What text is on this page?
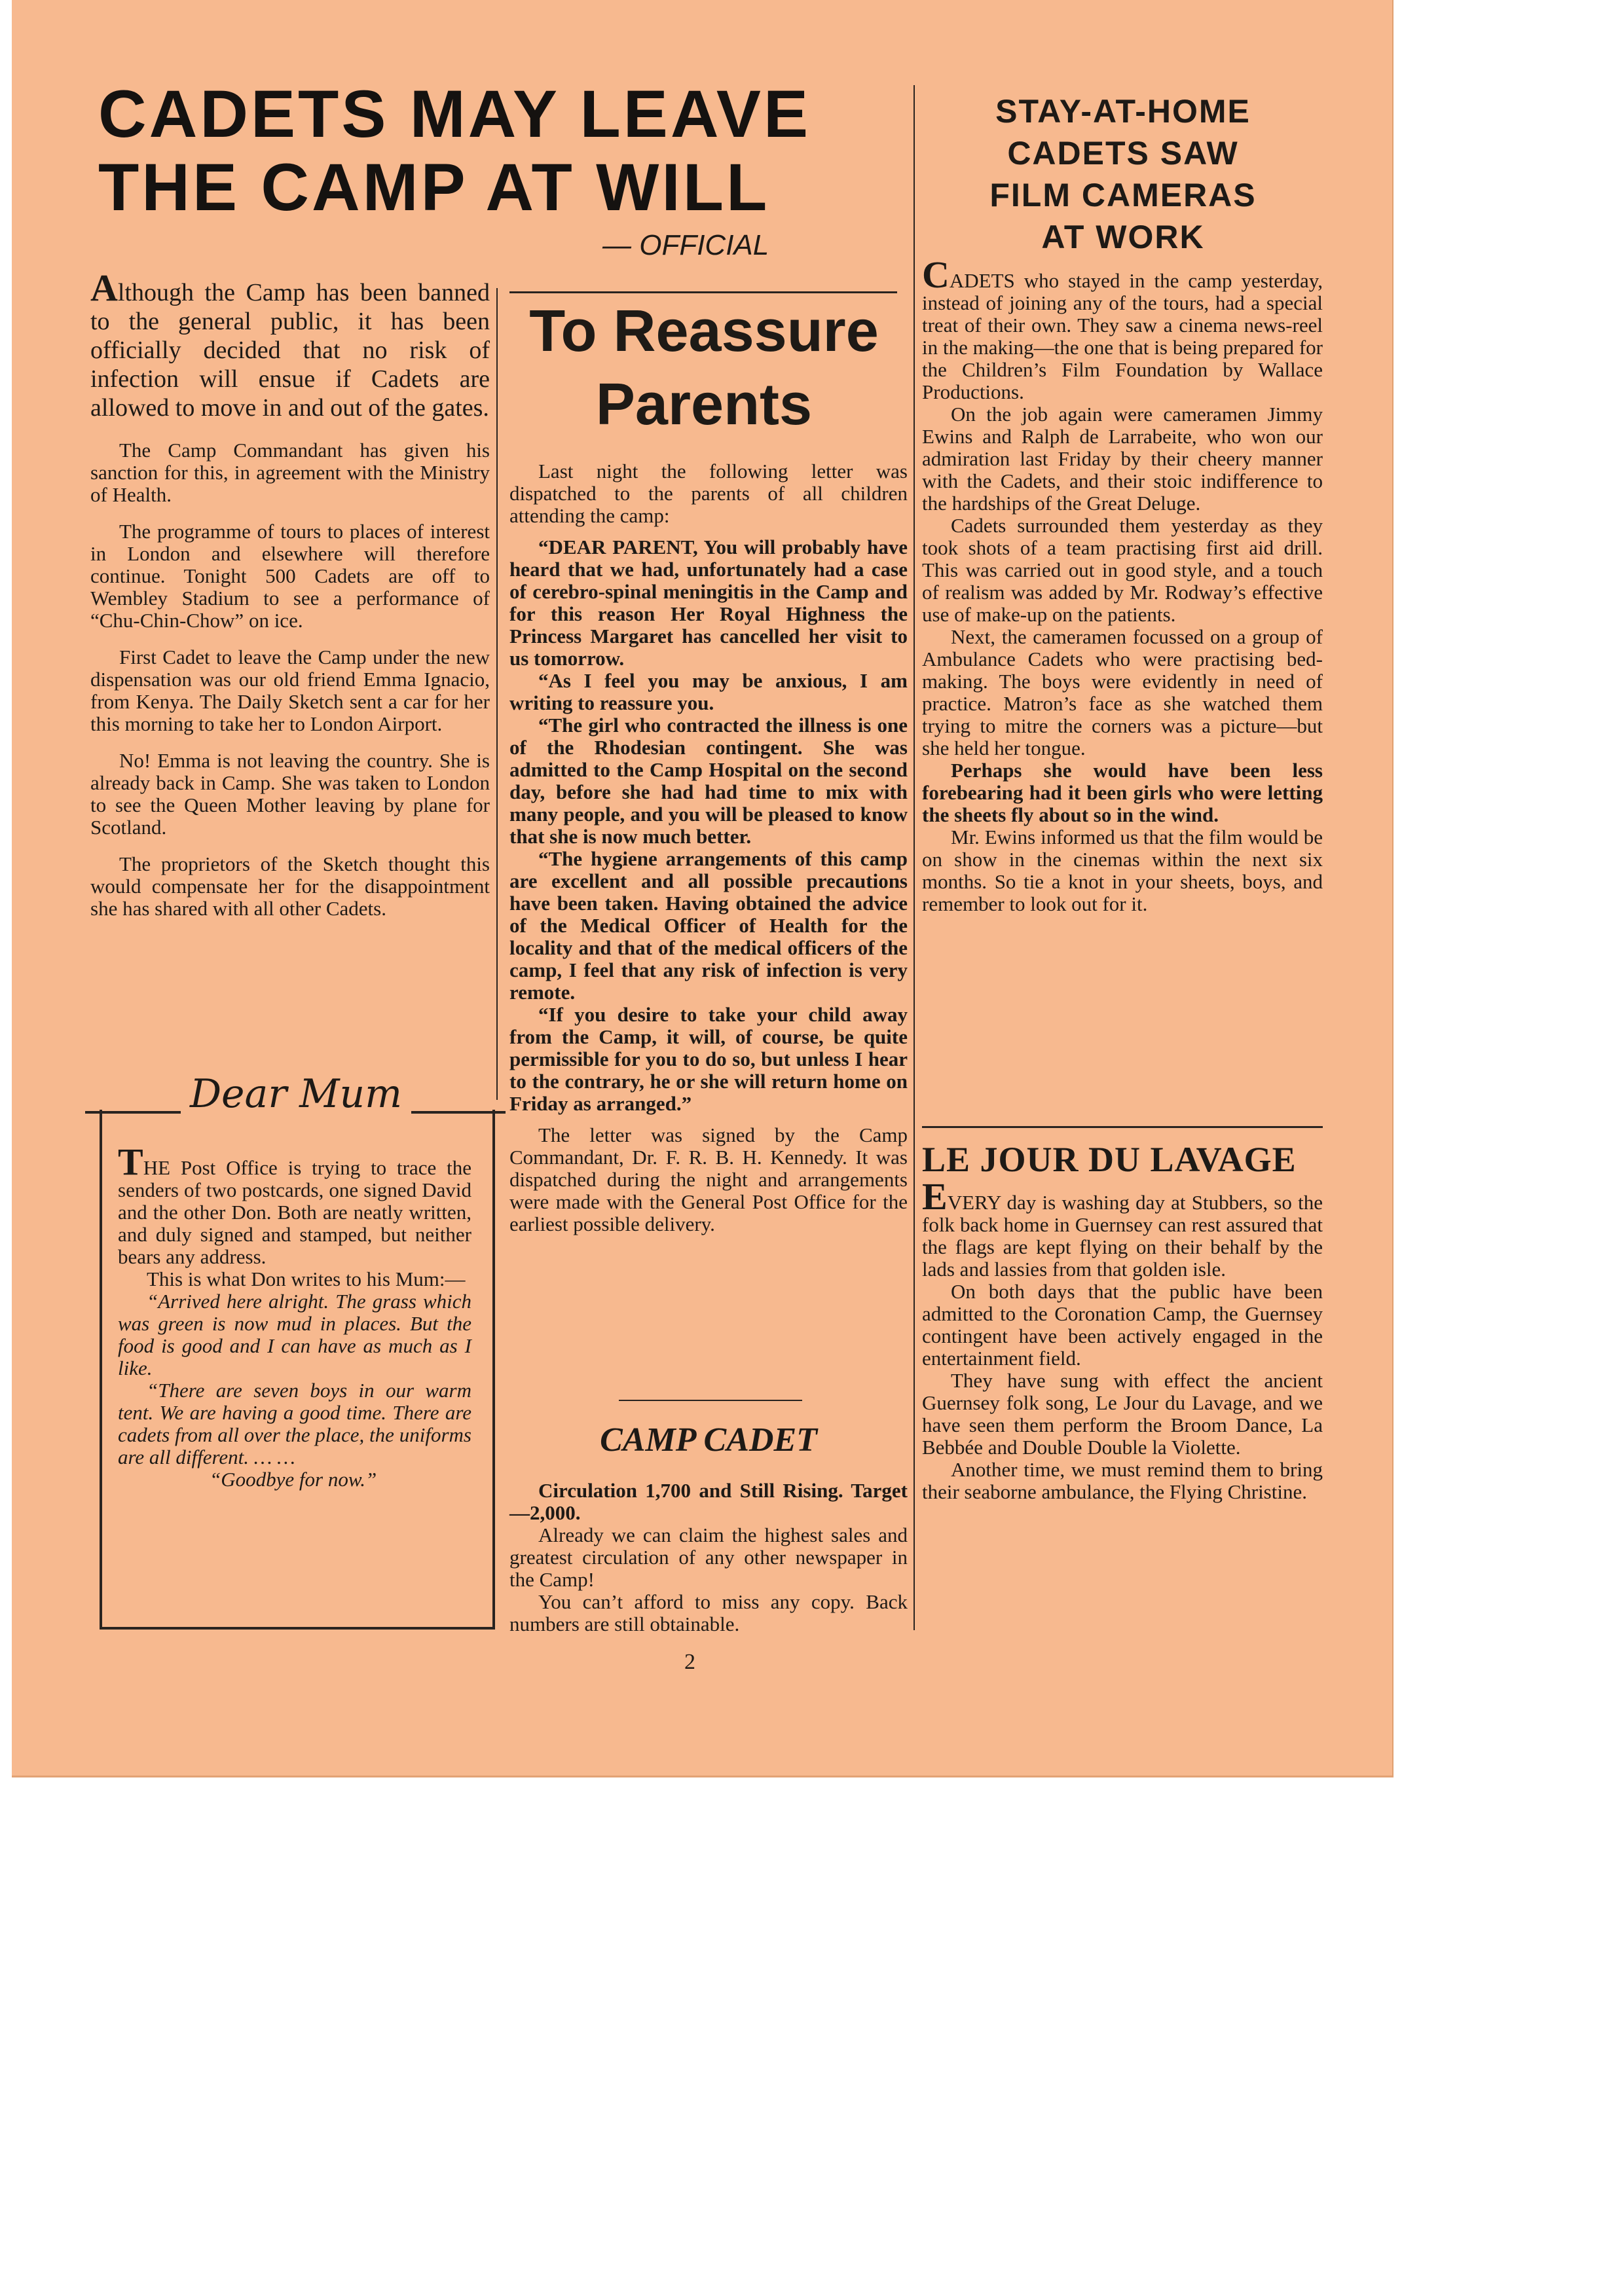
CADETS MAY LEAVE
THE CAMP AT WILL
— OFFICIAL

Although the Camp has been banned to the general public, it has been officially decided that no risk of infection will ensue if Cadets are allowed to move in and out of the gates.

The Camp Commandant has given his sanction for this, in agreement with the Ministry of Health.

The programme of tours to places of interest in London and elsewhere will therefore continue. Tonight 500 Cadets are off to Wembley Stadium to see a performance of “Chu-Chin-Chow” on ice.

First Cadet to leave the Camp under the new dispensation was our old friend Emma Ignacio, from Kenya. The Daily Sketch sent a car for her this morning to take her to London Airport.

No! Emma is not leaving the country. She is already back in Camp. She was taken to London to see the Queen Mother leaving by plane for Scotland.

The proprietors of the Sketch thought this would compensate her for the disappointment she has shared with all other Cadets.

Dear Mum

THE Post Office is trying to trace the senders of two postcards, one signed David and the other Don. Both are neatly written, and duly signed and stamped, but neither bears any address.

This is what Don writes to his Mum:—

“Arrived here alright. The grass which was green is now mud in places. But the food is good and I can have as much as I like.

“There are seven boys in our warm tent. We are having a good time. There are cadets from all over the place, the uniforms are all different. … …

“Goodbye for now.”

To Reassure
Parents

Last night the following letter was dispatched to the parents of all children attending the camp:

“DEAR PARENT, You will probably have heard that we had, unfortunately had a case of cerebro-spinal meningitis in the Camp and for this reason Her Royal Highness the Princess Margaret has cancelled her visit to us tomorrow.

“As I feel you may be anxious, I am writing to reassure you.

“The girl who contracted the illness is one of the Rhodesian contingent. She was admitted to the Camp Hospital on the second day, before she had had time to mix with many people, and you will be pleased to know that she is now much better.

“The hygiene arrangements of this camp are excellent and all possible precautions have been taken. Having obtained the advice of the Medical Officer of Health for the locality and that of the medical officers of the camp, I feel that any risk of infection is very remote.

“If you desire to take your child away from the Camp, it will, of course, be quite permissible for you to do so, but unless I hear to the contrary, he or she will return home on Friday as arranged.”

The letter was signed by the Camp Commandant, Dr. F. R. B. H. Kennedy. It was dispatched during the night and arrangements were made with the General Post Office for the earliest possible delivery.

CAMP CADET

Circulation 1,700 and Still Rising. Target—2,000.

Already we can claim the highest sales and greatest circulation of any other newspaper in the Camp!

You can’t afford to miss any copy. Back numbers are still obtainable.

2
STAY-AT-HOME
CADETS SAW
FILM CAMERAS
AT WORK

CADETS who stayed in the camp yesterday, instead of joining any of the tours, had a special treat of their own. They saw a cinema news-reel in the making—the one that is being prepared for the Children’s Film Foundation by Wallace Productions.

On the job again were cameramen Jimmy Ewins and Ralph de Larrabeite, who won our admiration last Friday by their cheery manner with the Cadets, and their stoic indifference to the hardships of the Great Deluge.

Cadets surrounded them yesterday as they took shots of a team practising first aid drill. This was carried out in good style, and a touch of realism was added by Mr. Rodway’s effective use of make-up on the patients.

Next, the cameramen focussed on a group of Ambulance Cadets who were practising bed-making. The boys were evidently in need of practice. Matron’s face as she watched them trying to mitre the corners was a picture—but she held her tongue.

Perhaps she would have been less forebearing had it been girls who were letting the sheets fly about so in the wind.

Mr. Ewins informed us that the film would be on show in the cinemas within the next six months. So tie a knot in your sheets, boys, and remember to look out for it.

LE JOUR DU LAVAGE

EVERY day is washing day at Stubbers, so the folk back home in Guernsey can rest assured that the flags are kept flying on their behalf by the lads and lassies from that golden isle.

On both days that the public have been admitted to the Coronation Camp, the Guernsey contingent have been actively engaged in the entertainment field.

They have sung with effect the ancient Guernsey folk song, Le Jour du Lavage, and we have seen them perform the Broom Dance, La Bebbée and Double Double la Violette.

Another time, we must remind them to bring their seaborne ambulance, the Flying Christine.
